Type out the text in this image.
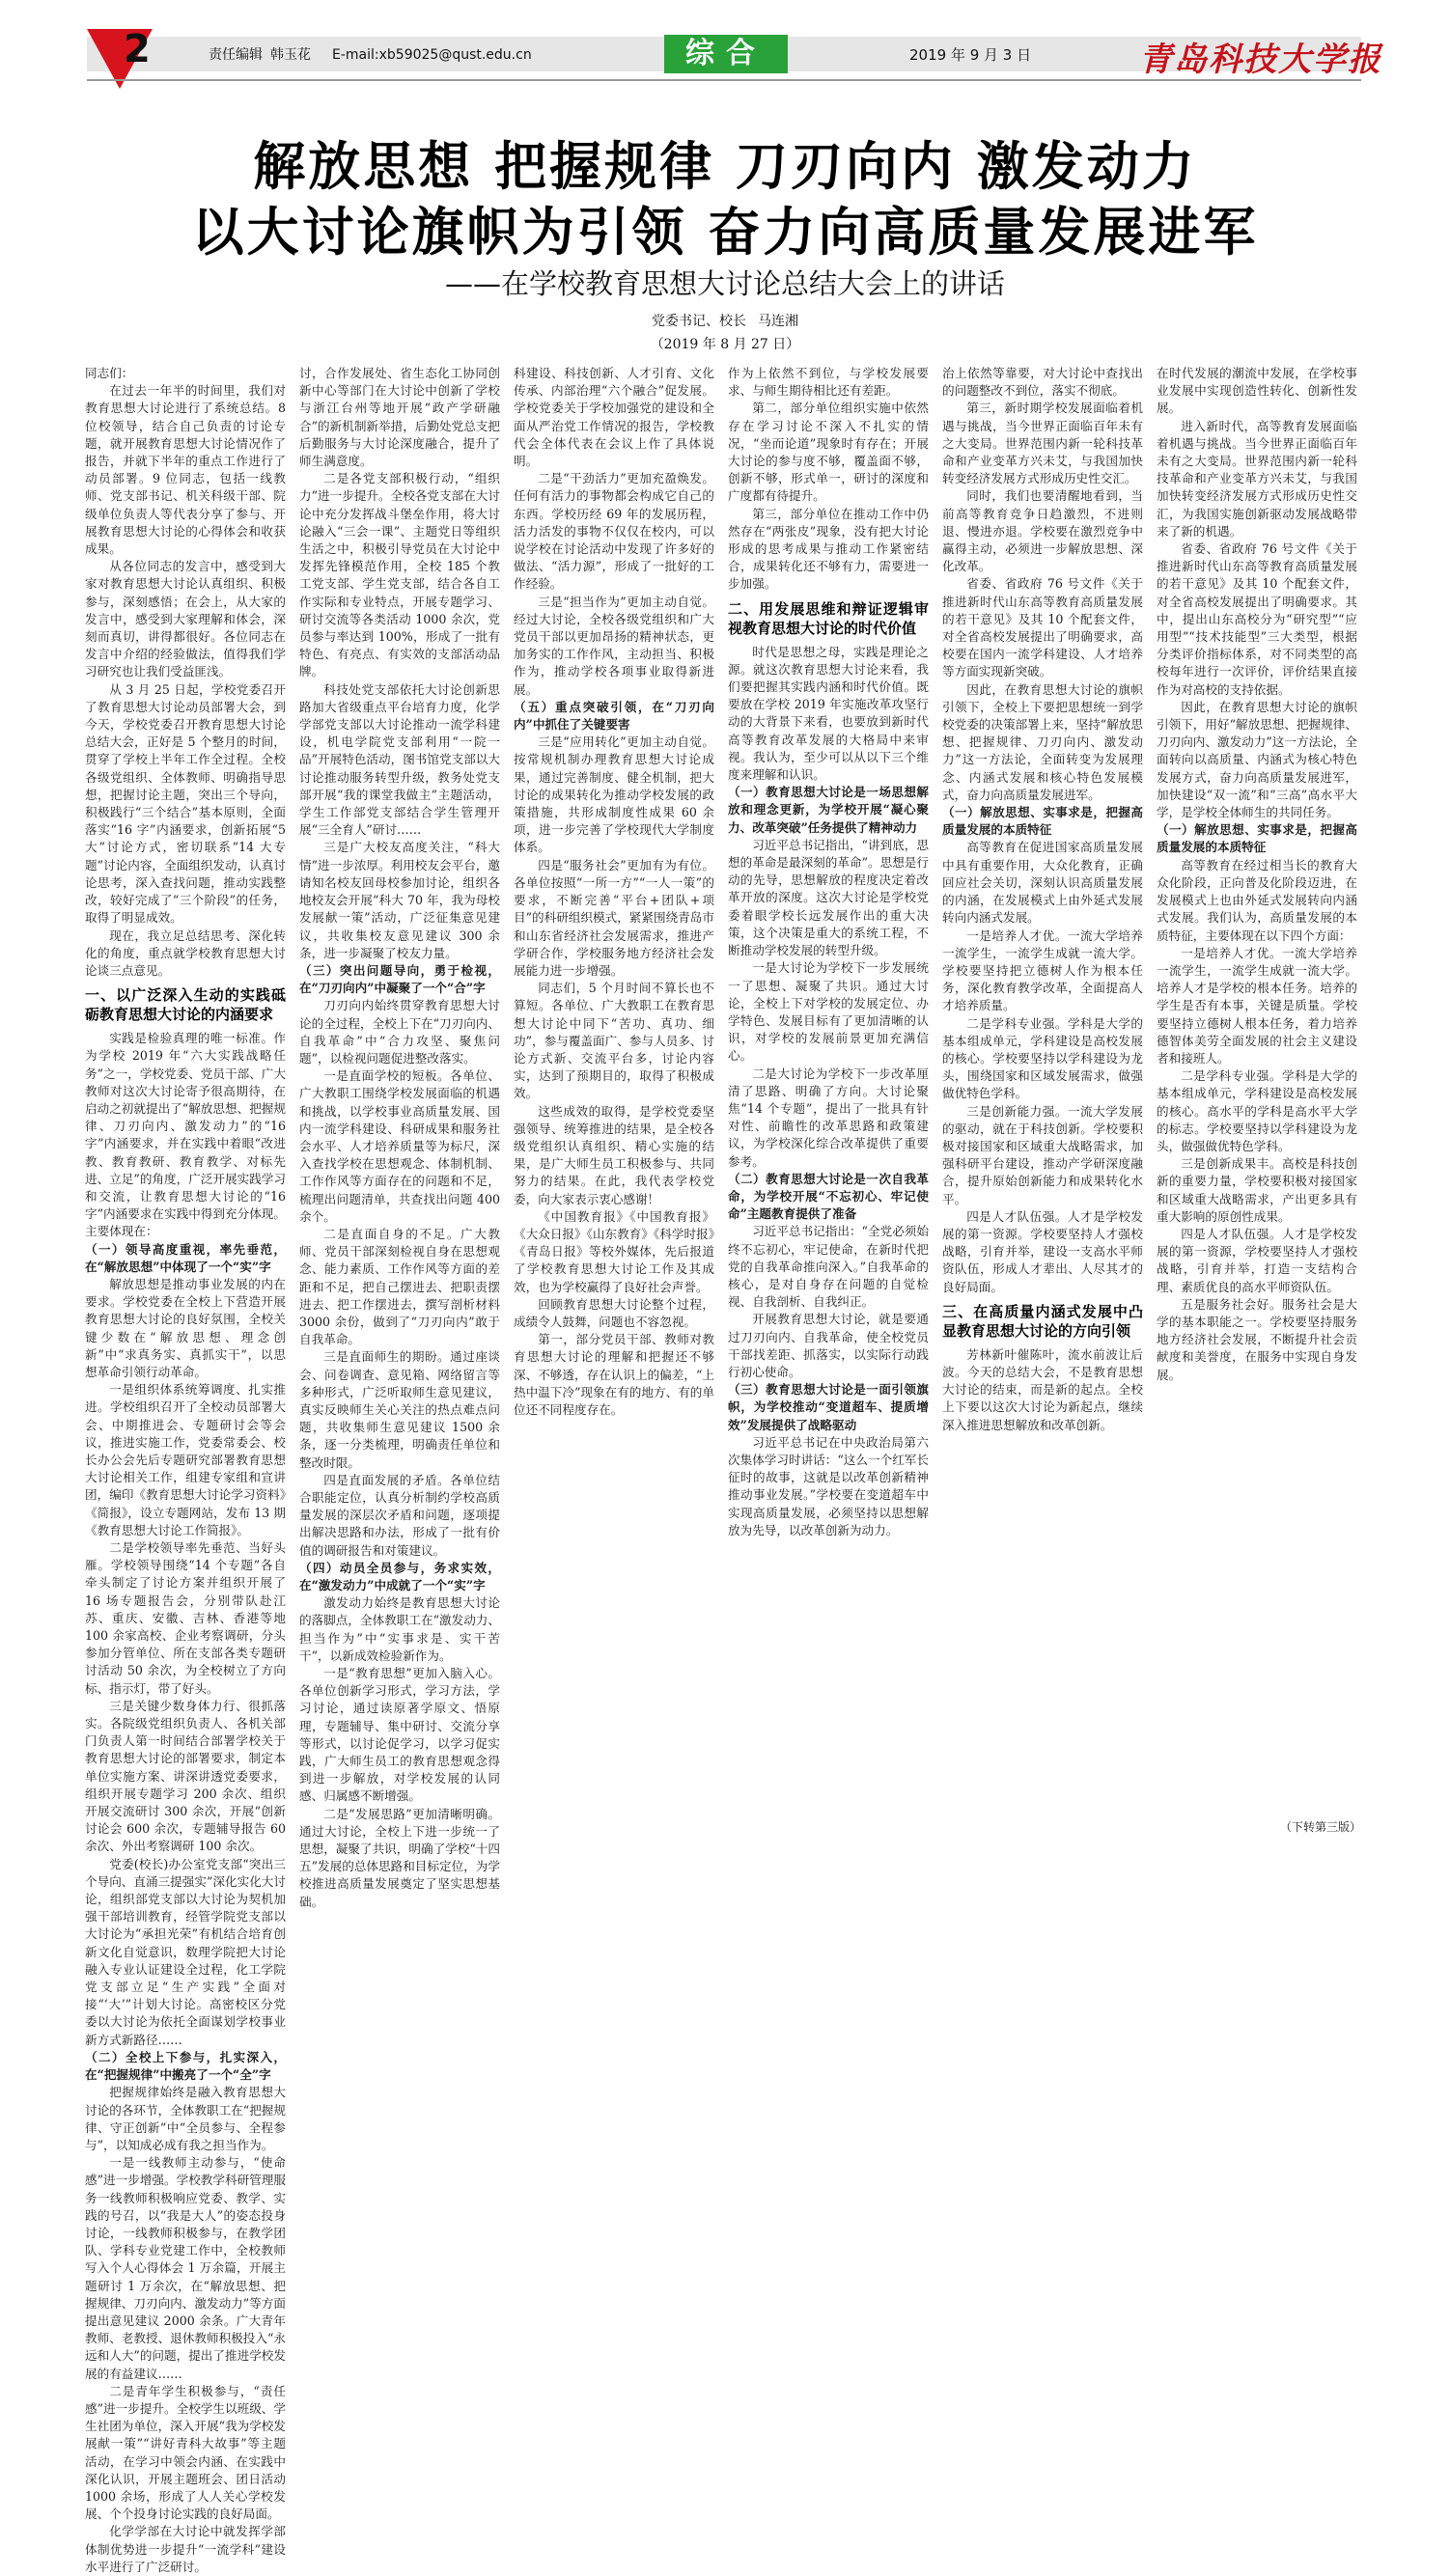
2	责任编辑 韩玉花 E-mail:xb59025@qust.edu.cn	综合	2019 年 9 月 3 日	青岛科技大学报
解放思想 把握规律 刀刃向内 激发动力
以大讨论旗帜为引领 奋力向高质量发展进军
——在学校教育思想大讨论总结大会上的讲话
党委书记、校长 马连湘
（2019 年 8 月 27 日）

同志们：

在过去一年半的时间里，我们对教育思想大讨论进行了系统总结。8 位校领导，结合自己负责的讨论专题，就开展教育思想大讨论情况作了报告，并就下半年的重点工作进行了动员部署。9 位同志，包括一线教师、党支部书记、机关科级干部、院级单位负责人等代表分享了参与、开展教育思想大讨论的心得体会和收获成果。

从各位同志的发言中，感受到大家对教育思想大讨论认真组织、积极参与，深刻感悟；在会上，从大家的发言中，感受到大家理解和体会，深刻而真切，讲得都很好。各位同志在发言中介绍的经验做法，值得我们学习研究也让我们受益匪浅。

从 3 月 25 日起，学校党委召开了教育思想大讨论动员部署大会，到今天，学校党委召开教育思想大讨论总结大会，正好是 5 个整月的时间，贯穿了学校上半年工作全过程。全校各级党组织、全体教师、明确指导思想，把握讨论主题，突出三个导向，积极践行“三个结合”基本原则，全面落实“16 字”内涵要求，创新拓展“5 大”讨论方式，密切联系“14 大专题”讨论内容，全面组织发动，认真讨论思考，深入查找问题，推动实践整改，较好完成了“三个阶段”的任务，取得了明显成效。

现在，我立足总结思考、深化转化的角度，重点就学校教育思想大讨论谈三点意见。

一、以广泛深入生动的实践砥砺教育思想大讨论的内涵要求

实践是检验真理的唯一标准。作为学校 2019 年“六大实践战略任务”之一，学校党委、党员干部、广大教师对这次大讨论寄予很高期待，在启动之初就提出了“解放思想、把握规律、刀刃向内、激发动力”的“16 字”内涵要求，并在实践中着眼“改进教、教育教研、教育教学、对标先进、立足”的角度，广泛开展实践学习和交流，让教育思想大讨论的“16 字”内涵要求在实践中得到充分体现。主要体现在：

（一）领导高度重视，率先垂范，在“解放思想”中体现了一个“实”字

解放思想是推动事业发展的内在要求。学校党委在全校上下营造开展教育思想大讨论的良好氛围，全校关键少数在“解放思想、理念创新”中“求真务实、真抓实干”，以思想革命引领行动革命。

一是组织体系统筹调度、扎实推进。学校组织召开了全校动员部署大会、中期推进会、专题研讨会等会议，推进实施工作，党委常委会、校长办公会先后专题研究部署教育思想大讨论相关工作，组建专家组和宣讲团，编印《教育思想大讨论学习资料》《简报》，设立专题网站，发布 13 期《教育思想大讨论工作简报》。

二是学校领导率先垂范、当好头雁。学校领导围绕“14 个专题”各自牵头制定了讨论方案并组织开展了 16 场专题报告会，分别带队赴江苏、重庆、安徽、吉林、香港等地 100 余家高校、企业考察调研，分头参加分管单位、所在支部各类专题研讨活动 50 余次，为全校树立了方向标、指示灯，带了好头。

三是关键少数身体力行、很抓落实。各院级党组织负责人、各机关部门负责人第一时间结合部署学校关于教育思想大讨论的部署要求，制定本单位实施方案、讲深讲透党委要求，组织开展专题学习 200 余次、组织开展交流研讨 300 余次，开展“创新讨论会 600 余次，专题辅导报告 60 余次、外出考察调研 100 余次。

党委(校长)办公室党支部“突出三个导向、直涌三提强实”深化实化大讨论，组织部党支部以大讨论为契机加强干部培训教育，经管学院党支部以大讨论为“承担光荣”有机结合培育创新文化自觉意识，数理学院把大讨论融入专业认证建设全过程，化工学院党支部立足“生产实践”全面对接“‘大’”计划大讨论。高密校区分党委以大讨论为依托全面谋划学校事业新方式新路径……

（二）全校上下参与，扎实深入，在“把握规律”中搬亮了一个“全”字

把握规律始终是融入教育思想大讨论的各环节，全体教职工在“把握规律、守正创新”中“全员参与、全程参与”，以知成必成有我之担当作为。

一是一线教师主动参与，“使命感”进一步增强。学校教学科研管理服务一线教师积极响应党委、教学、实践的号召，以“我是大人”的姿态投身讨论，一线教师积极参与，在教学团队、学科专业党建工作中，全校教师写入个人心得体会 1 万余篇，开展主题研讨 1 万余次，在“解放思想、把握规律、刀刃向内、激发动力”等方面提出意见建议 2000 余条。广大青年教师、老教授、退休教师积极投入“永远和人大”的问题，提出了推进学校发展的有益建议……

二是青年学生积极参与，“责任感”进一步提升。全校学生以班级、学生社团为单位，深入开展“我为学校发展献一策”“讲好青科大故事”等主题活动，在学习中领会内涵、在实践中深化认识，开展主题班会、团日活动 1000 余场，形成了人人关心学校发展、个个投身讨论实践的良好局面。

化学学部在大讨论中就发挥学部体制优势进一步提升“一流学科”建设水平进行了广泛研讨。

讨，合作发展处、省生态化工协同创新中心等部门在大讨论中创新了学校与浙江台州等地开展“政产学研融合”的新机制新举措，后勤处党总支把后勤服务与大讨论深度融合，提升了师生满意度。

二是各党支部积极行动，“组织力”进一步提升。全校各党支部在大讨论中充分发挥战斗堡垒作用，将大讨论融入“三会一课”、主题党日等组织生活之中，积极引导党员在大讨论中发挥先锋模范作用，全校 185 个教工党支部、学生党支部，结合各自工作实际和专业特点，开展专题学习、研讨交流等各类活动 1000 余次，党员参与率达到 100%，形成了一批有特色、有亮点、有实效的支部活动品牌。

科技处党支部依托大讨论创新思路加大省级重点平台培育力度，化学学部党支部以大讨论推动一流学科建设，机电学院党支部利用“一院一品”开展特色活动，图书馆党支部以大讨论推动服务转型升级，教务处党支部开展“我的课堂我做主”主题活动，学生工作部党支部结合学生管理开展“三全育人”研讨……

三是广大校友高度关注，“科大情”进一步浓厚。利用校友会平台，邀请知名校友回母校参加讨论，组织各地校友会开展“科大 70 年，我为母校发展献一策”活动，广泛征集意见建议，共收集校友意见建议 300 余条，进一步凝聚了校友力量。

（三）突出问题导向，勇于检视，在“刀刃向内”中凝聚了一个“合”字

刀刃向内始终贯穿教育思想大讨论的全过程，全校上下在“刀刃向内、自我革命”中“合力攻坚、聚焦问题”，以检视问题促进整改落实。

一是直面学校的短板。各单位、广大教职工围绕学校发展面临的机遇和挑战，以学校事业高质量发展、国内一流学科建设、科研成果和服务社会水平、人才培养质量等为标尺，深入查找学校在思想观念、体制机制、工作作风等方面存在的问题和不足，梳理出问题清单，共查找出问题 400 余个。

二是直面自身的不足。广大教师、党员干部深刻检视自身在思想观念、能力素质、工作作风等方面的差距和不足，把自己摆进去、把职责摆进去、把工作摆进去，撰写剖析材料 3000 余份，做到了“刀刃向内”敢于自我革命。

三是直面师生的期盼。通过座谈会、问卷调查、意见箱、网络留言等多种形式，广泛听取师生意见建议，真实反映师生关心关注的热点难点问题，共收集师生意见建议 1500 余条，逐一分类梳理，明确责任单位和整改时限。

四是直面发展的矛盾。各单位结合职能定位，认真分析制约学校高质量发展的深层次矛盾和问题，逐项提出解决思路和办法，形成了一批有价值的调研报告和对策建议。

（四）动员全员参与，务求实效，在“激发动力”中成就了一个“实”字

激发动力始终是教育思想大讨论的落脚点，全体教职工在“激发动力、担当作为”中“实事求是、实干苦干”，以新成效检验新作为。

一是“教育思想”更加入脑入心。各单位创新学习形式，学习方法，学习讨论，通过读原著学原文、悟原理，专题辅导、集中研讨、交流分享等形式，以讨论促学习，以学习促实践，广大师生员工的教育思想观念得到进一步解放，对学校发展的认同感、归属感不断增强。

二是“发展思路”更加清晰明确。通过大讨论，全校上下进一步统一了思想，凝聚了共识，明确了学校“十四五”发展的总体思路和目标定位，为学校推进高质量发展奠定了坚实思想基础。

科建设、科技创新、人才引育、文化传承、内部治理“六个融合”促发展。学校党委关于学校加强党的建设和全面从严治党工作情况的报告，学校教代会全体代表在会议上作了具体说明。

二是“干劲活力”更加充盈焕发。任何有活力的事物都会构成它自己的东西。学校历经 69 年的发展历程，活力活发的事物不仅仅在校内，可以说学校在讨论活动中发现了许多好的做法、“活力源”，形成了一批好的工作经验。

三是“担当作为”更加主动自觉。经过大讨论，全校各级党组织和广大党员干部以更加昂扬的精神状态，更加务实的工作作风，主动担当、积极作为，推动学校各项事业取得新进展。

（五）重点突破引领，在“刀刃向内”中抓住了关键要害

三是“应用转化”更加主动自觉。按常规机制办理教育思想大讨论成果，通过完善制度、健全机制，把大讨论的成果转化为推动学校发展的政策措施，共形成制度性成果 60 余项，进一步完善了学校现代大学制度体系。

四是“服务社会”更加有为有位。各单位按照“一所一方”“一人一策”的要求，不断完善“平台+团队+项目”的科研组织模式，紧紧围绕青岛市和山东省经济社会发展需求，推进产学研合作，学校服务地方经济社会发展能力进一步增强。

同志们，5 个月时间不算长也不算短。各单位、广大教职工在教育思想大讨论中同下“苦功、真功、细功”，参与覆盖面广、参与人员多、讨论方式新、交流平台多，讨论内容实，达到了预期目的，取得了积极成效。

这些成效的取得，是学校党委坚强领导、统筹推进的结果，是全校各级党组织认真组织、精心实施的结果，是广大师生员工积极参与、共同努力的结果。在此，我代表学校党委，向大家表示衷心感谢！

《中国教育报》《中国教育报》《大众日报》《山东教育》《科学时报》《青岛日报》等校外媒体，先后报道了学校教育思想大讨论工作及其成效，也为学校赢得了良好社会声誉。

回顾教育思想大讨论整个过程，成绩令人鼓舞，问题也不容忽视。

第一，部分党员干部、教师对教育思想大讨论的理解和把握还不够深、不够透，存在认识上的偏差，“上热中温下冷”现象在有的地方、有的单位还不同程度存在。

作为上依然不到位，与学校发展要求、与师生期待相比还有差距。

第二，部分单位组织实施中依然存在学习讨论不深入不扎实的情况，“坐而论道”现象时有存在；开展大讨论的参与度不够，覆盖面不够，创新不够，形式单一，研讨的深度和广度都有待提升。

第三，部分单位在推动工作中仍然存在“两张皮”现象，没有把大讨论形成的思考成果与推动工作紧密结合，成果转化还不够有力，需要进一步加强。

二、用发展思维和辩证逻辑审视教育思想大讨论的时代价值

时代是思想之母，实践是理论之源。就这次教育思想大讨论来看，我们要把握其实践内涵和时代价值。既要放在学校 2019 年实施改革攻坚行动的大背景下来看，也要放到新时代高等教育改革发展的大格局中来审视。我认为，至少可以从以下三个维度来理解和认识。

（一）教育思想大讨论是一场思想解放和理念更新，为学校开展“凝心聚力、改革突破”任务提供了精神动力

习近平总书记指出，“讲到底，思想的革命是最深刻的革命”。思想是行动的先导，思想解放的程度决定着改革开放的深度。这次大讨论是学校党委着眼学校长远发展作出的重大决策，这个决策是重大的系统工程，不断推动学校发展的转型升级。

一是大讨论为学校下一步发展统一了思想、凝聚了共识。通过大讨论，全校上下对学校的发展定位、办学特色、发展目标有了更加清晰的认识，对学校的发展前景更加充满信心。

二是大讨论为学校下一步改革厘清了思路、明确了方向。大讨论聚焦“14 个专题”，提出了一批具有针对性、前瞻性的改革思路和政策建议，为学校深化综合改革提供了重要参考。

（二）教育思想大讨论是一次自我革命，为学校开展“不忘初心、牢记使命”主题教育提供了准备

习近平总书记指出：“全党必须始终不忘初心，牢记使命，在新时代把党的自我革命推向深入。”自我革命的核心，是对自身存在问题的自觉检视、自我剖析、自我纠正。

开展教育思想大讨论，就是要通过刀刃向内、自我革命，使全校党员干部找差距、抓落实，以实际行动践行初心使命。

（三）教育思想大讨论是一面引领旗帜，为学校推动“变道超车、提质增效”发展提供了战略驱动

习近平总书记在中央政治局第六次集体学习时讲话：“这么一个红军长征时的故事，这就是以改革创新精神推动事业发展。”学校要在变道超车中实现高质量发展，必须坚持以思想解放为先导，以改革创新为动力。

治上依然等靠要，对大讨论中查找出的问题整改不到位，落实不彻底。

第三，新时期学校发展面临着机遇与挑战，当今世界正面临百年未有之大变局。世界范围内新一轮科技革命和产业变革方兴未艾，与我国加快转变经济发展方式形成历史性交汇。

同时，我们也要清醒地看到，当前高等教育竞争日趋激烈，不进则退、慢进亦退。学校要在激烈竞争中赢得主动，必须进一步解放思想、深化改革。

省委、省政府 76 号文件《关于推进新时代山东高等教育高质量发展的若干意见》及其 10 个配套文件，对全省高校发展提出了明确要求，高校要在国内一流学科建设、人才培养等方面实现新突破。

因此，在教育思想大讨论的旗帜引领下，全校上下要把思想统一到学校党委的决策部署上来，坚持“解放思想、把握规律、刀刃向内、激发动力”这一方法论，全面转变为发展理念、内涵式发展和核心特色发展模式，奋力向高质量发展进军。

（一）解放思想、实事求是，把握高质量发展的本质特征

高等教育在促进国家高质量发展中具有重要作用，大众化教育，正确回应社会关切，深刻认识高质量发展的内涵，在发展模式上由外延式发展转向内涵式发展。

一是培养人才优。一流大学培养一流学生，一流学生成就一流大学。学校要坚持把立德树人作为根本任务，深化教育教学改革，全面提高人才培养质量。

二是学科专业强。学科是大学的基本组成单元，学科建设是高校发展的核心。学校要坚持以学科建设为龙头，围绕国家和区域发展需求，做强做优特色学科。

三是创新能力强。一流大学发展的驱动，就在于科技创新。学校要积极对接国家和区域重大战略需求，加强科研平台建设，推动产学研深度融合，提升原始创新能力和成果转化水平。

四是人才队伍强。人才是学校发展的第一资源。学校要坚持人才强校战略，引育并举，建设一支高水平师资队伍，形成人才辈出、人尽其才的良好局面。

三、在高质量内涵式发展中凸显教育思想大讨论的方向引领

芳林新叶催陈叶，流水前波让后波。今天的总结大会，不是教育思想大讨论的结束，而是新的起点。全校上下要以这次大讨论为新起点，继续深入推进思想解放和改革创新。

在时代发展的潮流中发展，在学校事业发展中实现创造性转化、创新性发展。

进入新时代，高等教育发展面临着机遇与挑战。当今世界正面临百年未有之大变局。世界范围内新一轮科技革命和产业变革方兴未艾，与我国加快转变经济发展方式形成历史性交汇，为我国实施创新驱动发展战略带来了新的机遇。

省委、省政府 76 号文件《关于推进新时代山东高等教育高质量发展的若干意见》及其 10 个配套文件，对全省高校发展提出了明确要求。其中，提出山东高校分为“研究型”“应用型”“技术技能型”三大类型，根据分类评价指标体系，对不同类型的高校每年进行一次评价，评价结果直接作为对高校的支持依据。

因此，在教育思想大讨论的旗帜引领下，用好“解放思想、把握规律、刀刃向内、激发动力”这一方法论，全面转向以高质量、内涵式为核心特色发展方式，奋力向高质量发展进军，加快建设“双一流”和“三高”高水平大学，是学校全体师生的共同任务。

（一）解放思想、实事求是，把握高质量发展的本质特征

高等教育在经过相当长的教育大众化阶段，正向普及化阶段迈进，在发展模式上也由外延式发展转向内涵式发展。我们认为，高质量发展的本质特征，主要体现在以下四个方面：

一是培养人才优。一流大学培养一流学生，一流学生成就一流大学。培养人才是学校的根本任务。培养的学生是否有本事，关键是质量。学校要坚持立德树人根本任务，着力培养德智体美劳全面发展的社会主义建设者和接班人。

二是学科专业强。学科是大学的基本组成单元，学科建设是高校发展的核心。高水平的学科是高水平大学的标志。学校要坚持以学科建设为龙头，做强做优特色学科。

三是创新成果丰。高校是科技创新的重要力量，学校要积极对接国家和区域重大战略需求，产出更多具有重大影响的原创性成果。

四是人才队伍强。人才是学校发展的第一资源，学校要坚持人才强校战略，引育并举，打造一支结构合理、素质优良的高水平师资队伍。

五是服务社会好。服务社会是大学的基本职能之一。学校要坚持服务地方经济社会发展，不断提升社会贡献度和美誉度，在服务中实现自身发展。

（下转第三版）
